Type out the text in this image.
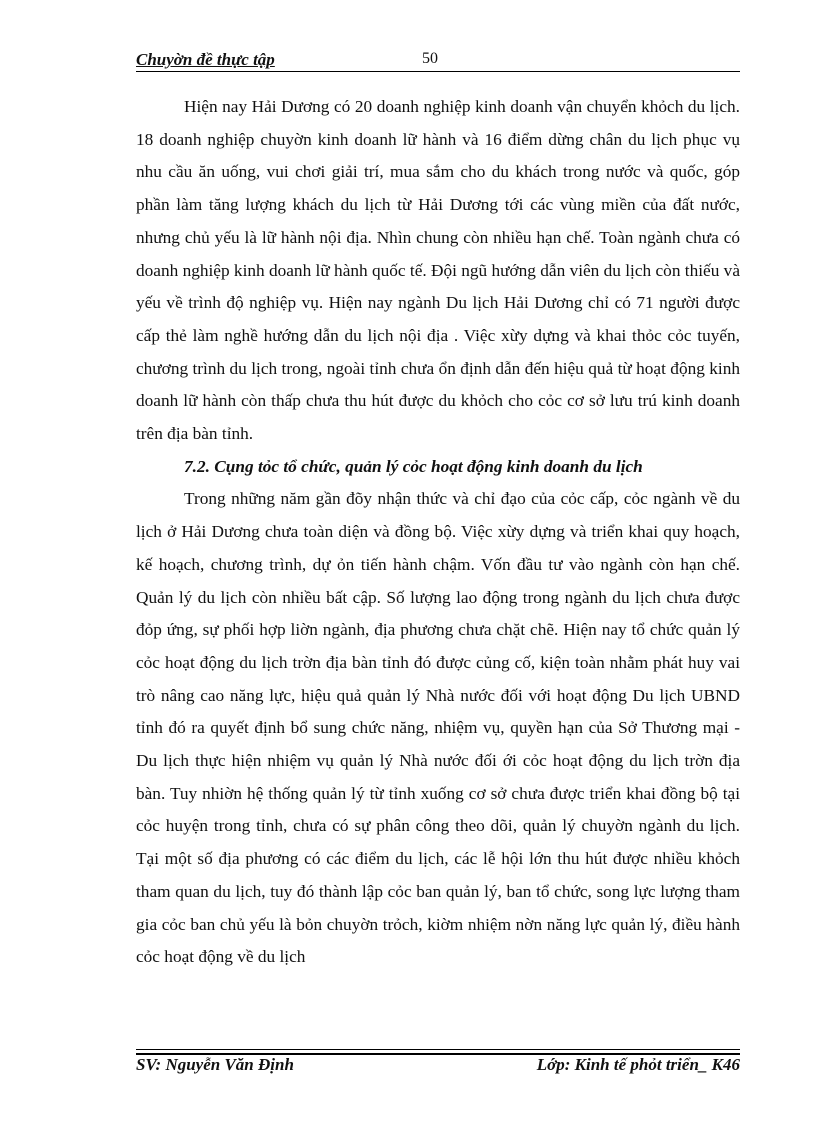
Chuyờn đề thực tập	50

Hiện nay Hải Dương có 20 doanh nghiệp kinh doanh vận chuyển khỏch du lịch. 18 doanh nghiệp chuyờn kinh doanh lữ hành và 16 điểm dừng chân du lịch phục vụ nhu cầu ăn uống, vui chơi giải trí, mua sắm cho du khách trong nước và quốc, góp phần làm tăng lượng khách du lịch từ Hải Dương tới các vùng miền của đất nước, nhưng chủ yếu là lữ hành nội địa. Nhìn chung còn nhiều hạn chế. Toàn ngành chưa có doanh nghiệp kinh doanh lữ hành quốc tế. Đội ngũ hướng dẫn viên du lịch còn thiếu và yếu về trình độ nghiệp vụ. Hiện nay ngành Du lịch Hải Dương chỉ có 71 người được cấp thẻ làm nghề hướng dẫn du lịch nội địa . Việc xừy dựng và khai thỏc cỏc tuyến, chương trình du lịch trong, ngoài tỉnh chưa ổn định dẫn đến hiệu quả từ hoạt động kinh doanh lữ hành còn thấp chưa thu hút được du khỏch cho cỏc cơ sở lưu trú kinh doanh trên địa bàn tỉnh.

7.2. Cụng tỏc tổ chức, quản lý cỏc hoạt động kinh doanh du lịch

Trong những năm gần đõy nhận thức và chỉ đạo của cỏc cấp, cỏc ngành về du lịch ở Hải Dương chưa toàn diện và đồng bộ. Việc xừy dựng và triển khai quy hoạch, kế hoạch, chương trình, dự ỏn tiến hành chậm. Vốn đầu tư vào ngành còn hạn chế. Quản lý du lịch còn nhiều bất cập. Số lượng lao động trong ngành du lịch chưa được đỏp ứng, sự phối hợp liờn ngành, địa phương chưa chặt chẽ. Hiện nay tổ chức quản lý cỏc hoạt động du lịch trờn địa bàn tỉnh đó được củng cố, kiện toàn nhằm phát huy vai trò nâng cao năng lực, hiệu quả quản lý Nhà nước đối với hoạt động Du lịch UBND tỉnh đó ra quyết định bổ sung chức năng, nhiệm vụ, quyền hạn của Sở Thương mại - Du lịch thực hiện nhiệm vụ quản lý Nhà nước đối ới cỏc hoạt động du lịch trờn địa bàn. Tuy nhiờn hệ thống quản lý từ tỉnh xuống cơ sở chưa được triển khai đồng bộ tại cỏc huyện trong tỉnh, chưa có sự phân công theo dõi, quản lý chuyờn ngành du lịch. Tại một số địa phương có các điểm du lịch, các lễ hội lớn thu hút được nhiều khỏch tham quan du lịch, tuy đó thành lập cỏc ban quản lý, ban tổ chức, song lực lượng tham gia cỏc ban chủ yếu là bỏn chuyờn trỏch, kiờm nhiệm nờn năng lực quản lý, điều hành cỏc hoạt động về du lịch

SV: Nguyễn Văn Định	Lớp: Kinh tế phỏt triển_ K46
